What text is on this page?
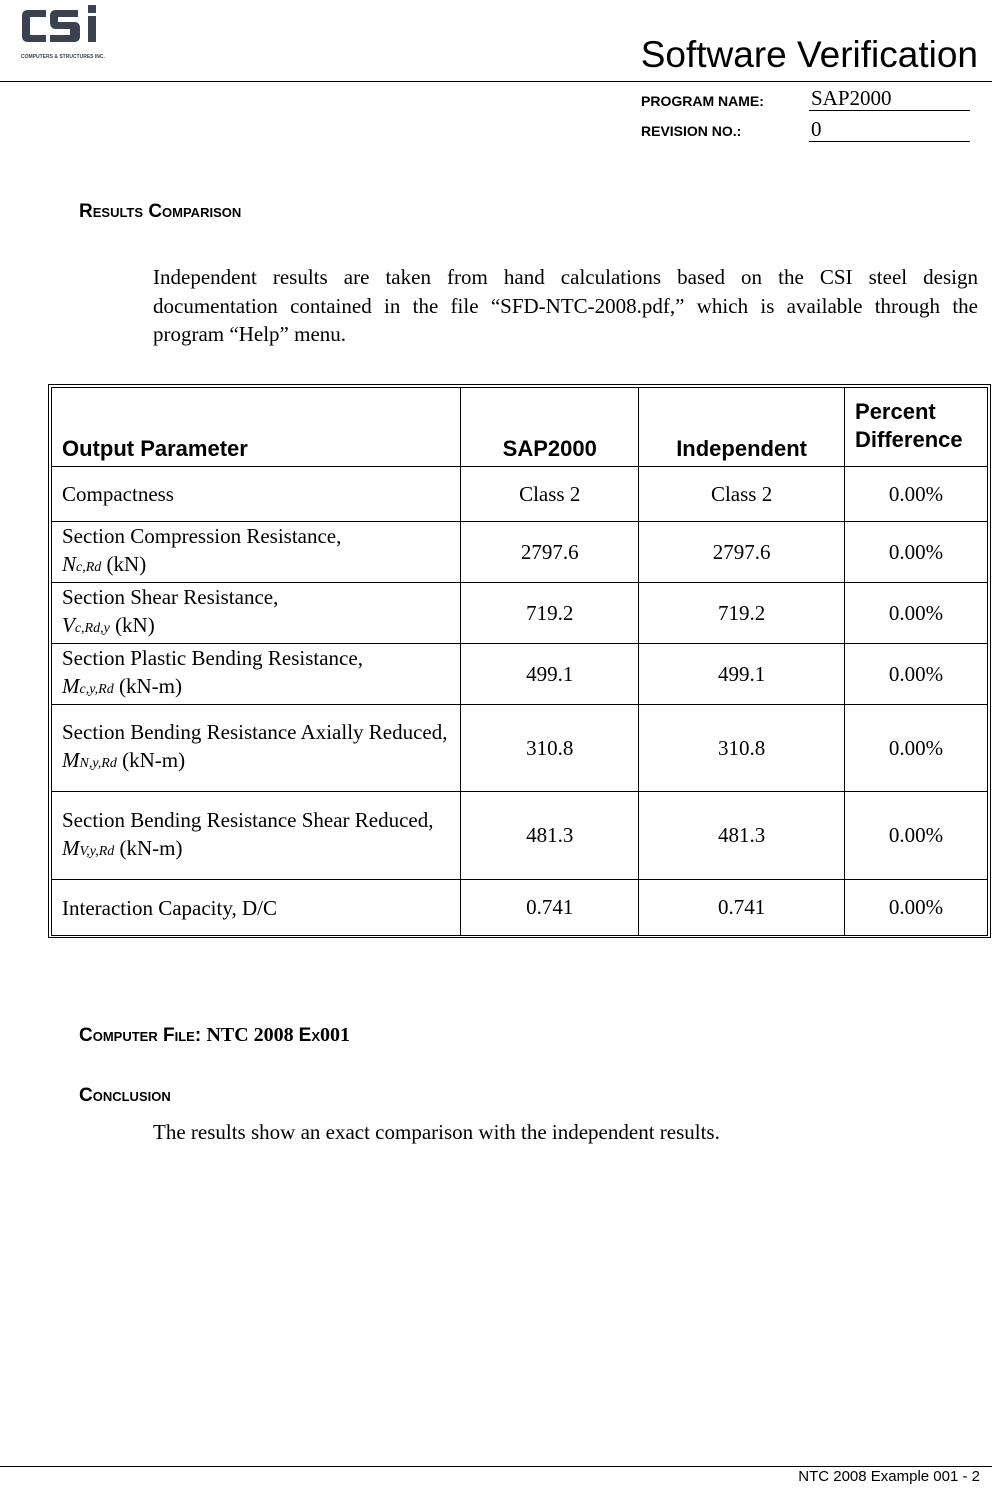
COMPUTERS & STRUCTURES INC.	Software Verification
PROGRAM NAME: SAP2000
REVISION NO.:	0
Results Comparison
Independent results are taken from hand calculations based on the CSI steel design documentation contained in the file “SFD-NTC-2008.pdf,” which is available through the program “Help” menu.
Output Parameter	SAP2000	Independent	Percent
Difference
Compactness	Class 2	Class 2	0.00%
Section Compression Resistance,
Nc,Rd (kN)	2797.6	2797.6	0.00%
Section Shear Resistance,
Vc,Rd,y (kN)	719.2	719.2	0.00%
Section Plastic Bending Resistance,
Mc,y,Rd (kN-m)	499.1	499.1	0.00%
Section Bending Resistance Axially Reduced,
MN,y,Rd (kN-m)	310.8	310.8	0.00%
Section Bending Resistance Shear Reduced,
MV,y,Rd (kN-m)	481.3	481.3	0.00%
Interaction Capacity, D/C	0.741	0.741	0.00%
Computer File: NTC 2008 Ex001
Conclusion
The results show an exact comparison with the independent results.
NTC 2008 Example 001 - 2
